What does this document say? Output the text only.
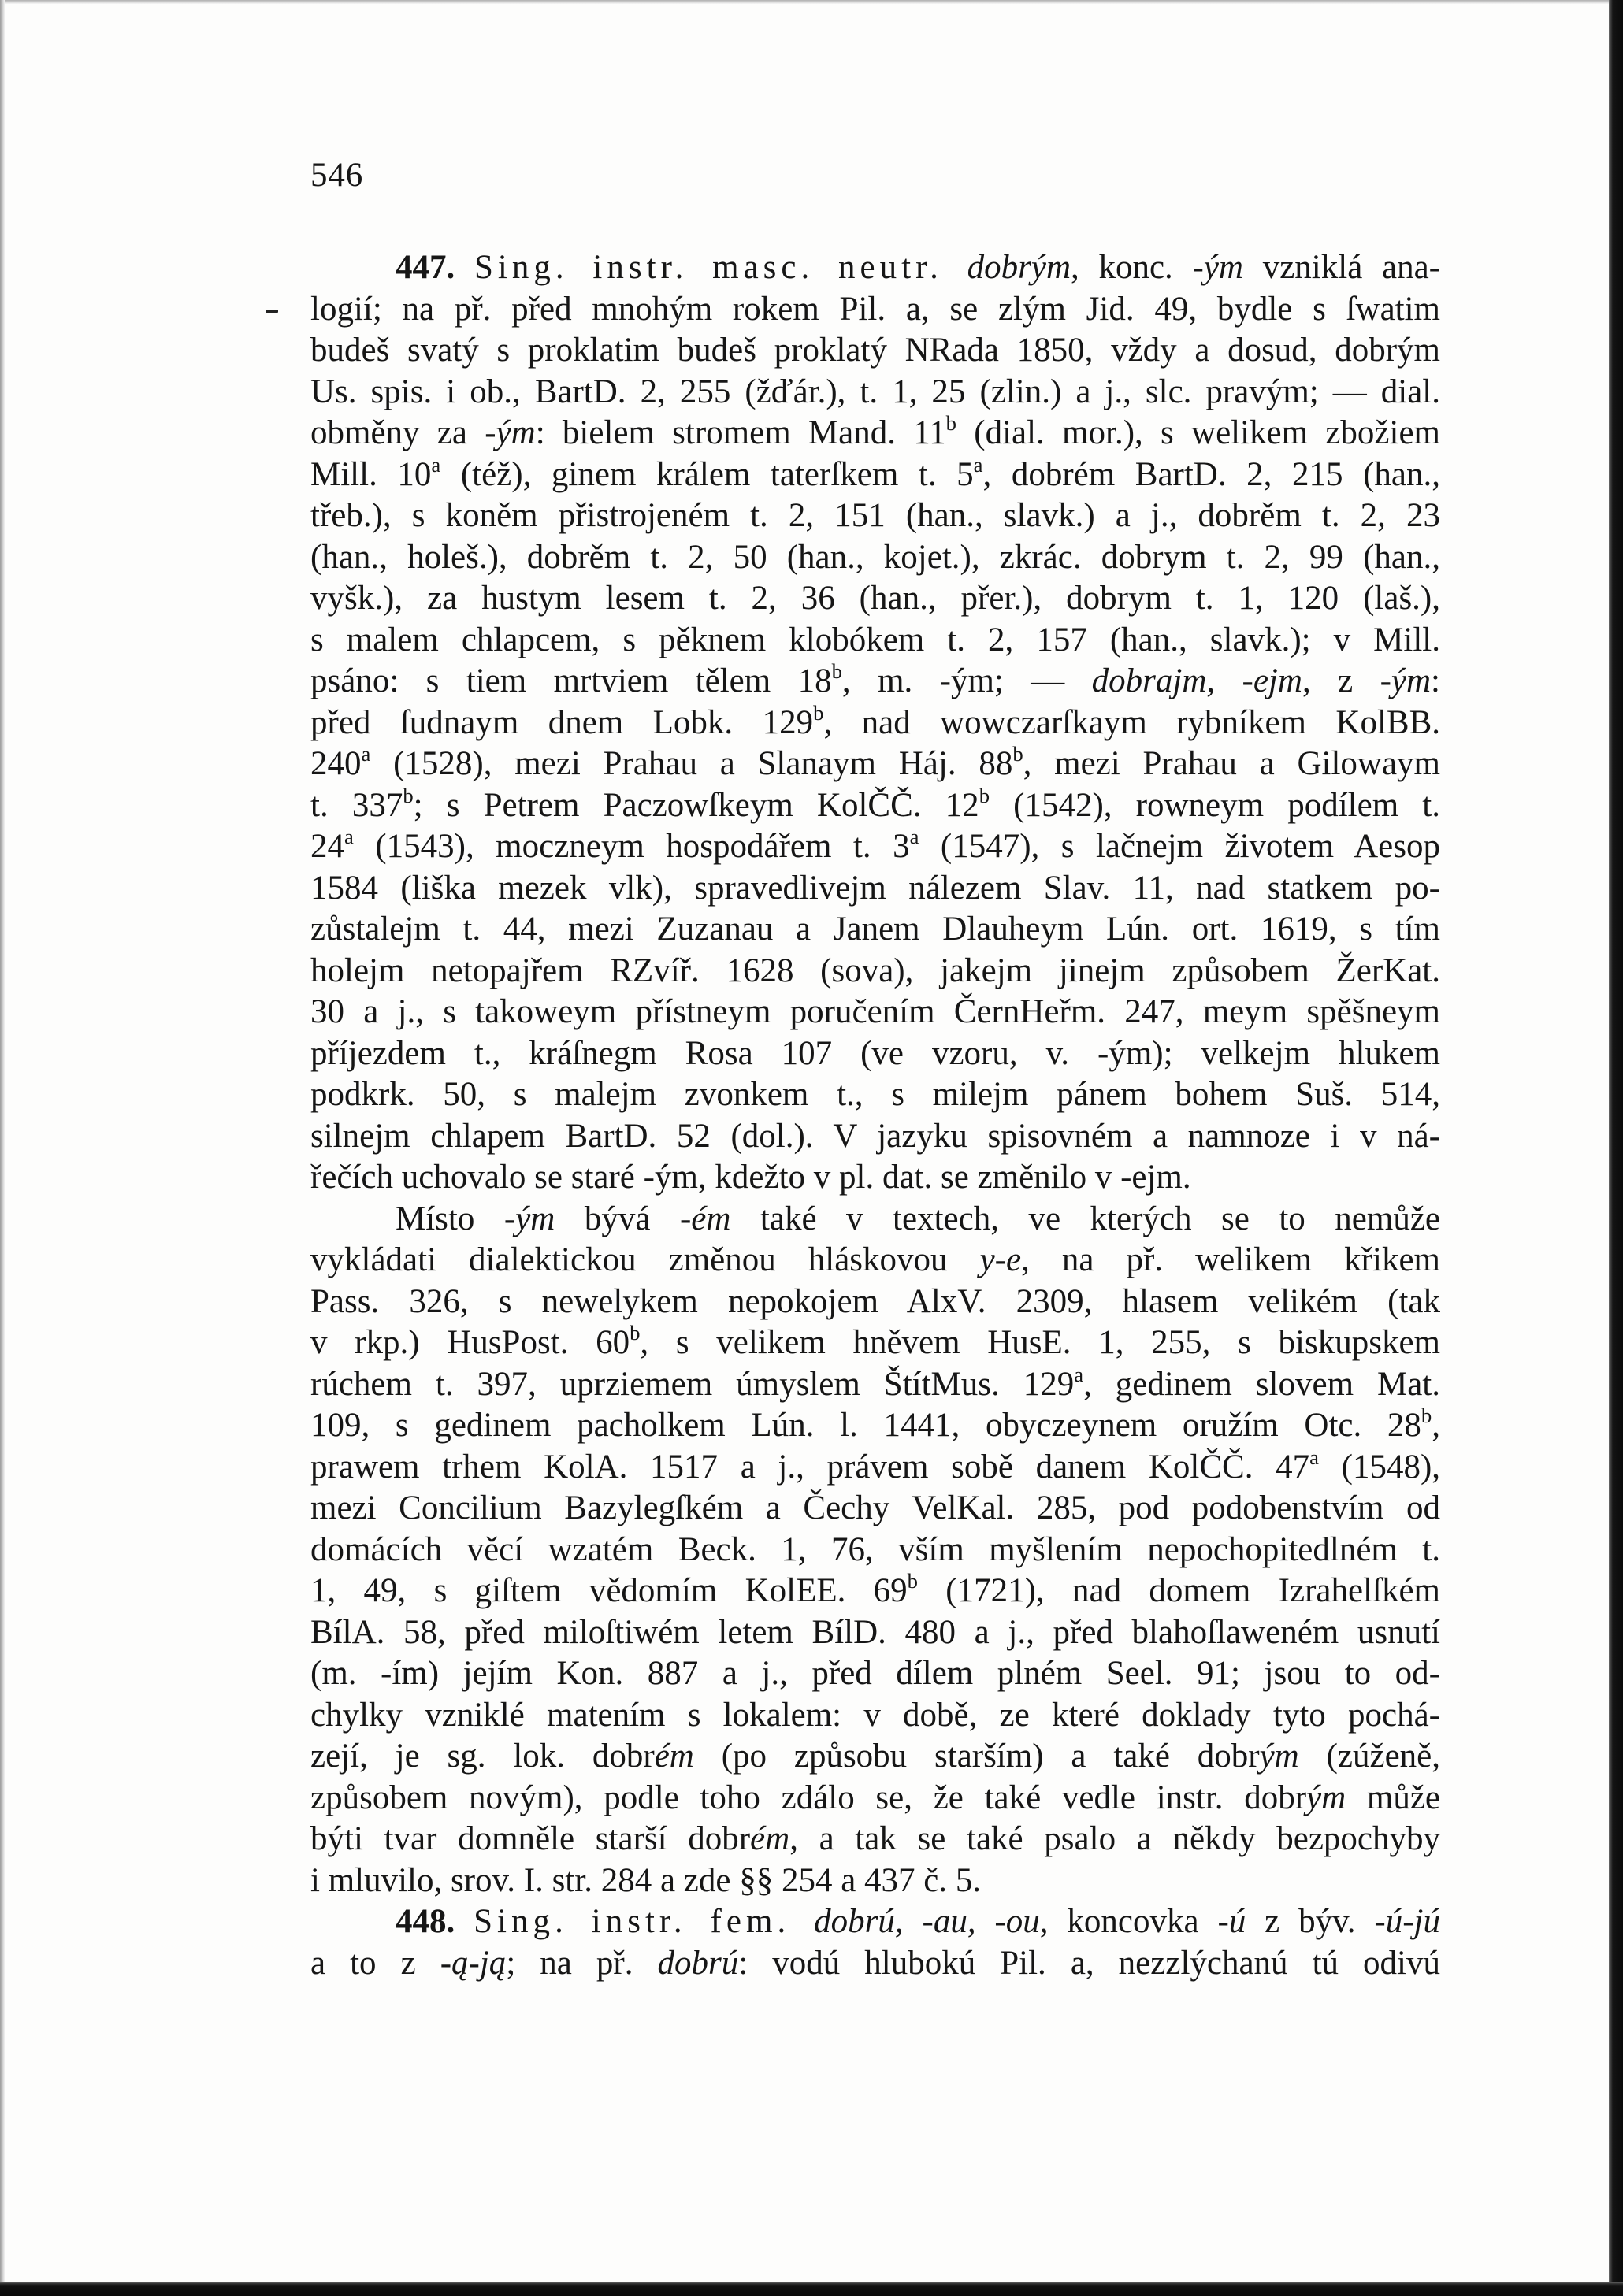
546
447. Sing. instr. masc. neutr. dobrým, konc. -ým vzniklá ana-
logií; na př. před mnohým rokem Pil. a, se zlým Jid. 49, bydle s ſwatim
budeš svatý s proklatim budeš proklatý NRada 1850, vždy a dosud, dobrým
Us. spis. i ob., BartD. 2, 255 (žďár.), t. 1, 25 (zlin.) a j., slc. pravým; — dial.
obměny za -ým: bielem stromem Mand. 11$^b$ (dial. mor.), s welikem zbožiem
Mill. 10$^a$ (též), ginem králem taterſkem t. 5$^a$, dobrém BartD. 2, 215 (han.,
třeb.), s koněm přistrojeném t. 2, 151 (han., slavk.) a j., dobrěm t. 2, 23
(han., holeš.), dobrěm t. 2, 50 (han., kojet.), zkrác. dobrym t. 2, 99 (han.,
vyšk.), za hustym lesem t. 2, 36 (han., přer.), dobrym t. 1, 120 (laš.),
s malem chlapcem, s pěknem klobókem t. 2, 157 (han., slavk.); v Mill.
psáno: s tiem mrtviem tělem 18$^b$, m. -ým; — dobrajm, -ejm, z -ým:
před ſudnaym dnem Lobk. 129$^b$, nad wowczarſkaym rybníkem KolBB.
240$^a$ (1528), mezi Prahau a Slanaym Háj. 88$^b$, mezi Prahau a Gilowaym
t. 337$^b$; s Petrem Paczowſkeym KolČČ. 12$^b$ (1542), rowneym podílem t.
24$^a$ (1543), moczneym hospodářem t. 3$^a$ (1547), s lačnejm životem Aesop
1584 (liška mezek vlk), spravedlivejm nálezem Slav. 11, nad statkem po-
zůstalejm t. 44, mezi Zuzanau a Janem Dlauheym Lún. ort. 1619, s tím
holejm netopajřem RZvíř. 1628 (sova), jakejm jinejm způsobem ŽerKat.
30 a j., s takoweym přístneym poručením ČernHeřm. 247, meym spěšneym
příjezdem t., kráſnegm Rosa 107 (ve vzoru, v. -ým); velkejm hlukem
podkrk. 50, s malejm zvonkem t., s milejm pánem bohem Suš. 514,
silnejm chlapem BartD. 52 (dol.). V jazyku spisovném a namnoze i v ná-
řečích uchovalo se staré -ým, kdežto v pl. dat. se změnilo v -ejm.
Místo -ým bývá -ém také v textech, ve kterých se to nemůže
vykládati dialektickou změnou hláskovou y-e, na př. welikem křikem
Pass. 326, s newelykem nepokojem AlxV. 2309, hlasem velikém (tak
v rkp.) HusPost. 60$^b$, s velikem hněvem HusE. 1, 255, s biskupskem
rúchem t. 397, uprziemem úmyslem ŠtítMus. 129$^a$, gedinem slovem Mat.
109, s gedinem pacholkem Lún. l. 1441, obyczeynem oružím Otc. 28$^b$,
prawem trhem KolA. 1517 a j., právem sobě danem KolČČ. 47$^a$ (1548),
mezi Concilium Bazylegſkém a Čechy VelKal. 285, pod podobenstvím od
domácích věcí wzatém Beck. 1, 76, vším myšlením nepochopitedlném t.
1, 49, s giſtem vědomím KolEE. 69$^b$ (1721), nad domem Izrahelſkém
BílA. 58, před miloſtiwém letem BílD. 480 a j., před blahoſlaweném usnutí
(m. -ím) jejím Kon. 887 a j., před dílem plném Seel. 91; jsou to od-
chylky vzniklé matením s lokalem: v době, ze které doklady tyto pochá-
zejí, je sg. lok. dobrém (po způsobu starším) a také dobrým (zúženě,
způsobem novým), podle toho zdálo se, že také vedle instr. dobrým může
býti tvar domněle starší dobrém, a tak se také psalo a někdy bezpochyby
i mluvilo, srov. I. str. 284 a zde §§ 254 a 437 č. 5.
448. Sing. instr. fem. dobrú, -au, -ou, koncovka -ú z býv. -ú-jú
a to z -ą-ją; na př. dobrú: vodú hlubokú Pil. a, nezzlýchanú tú odivú
